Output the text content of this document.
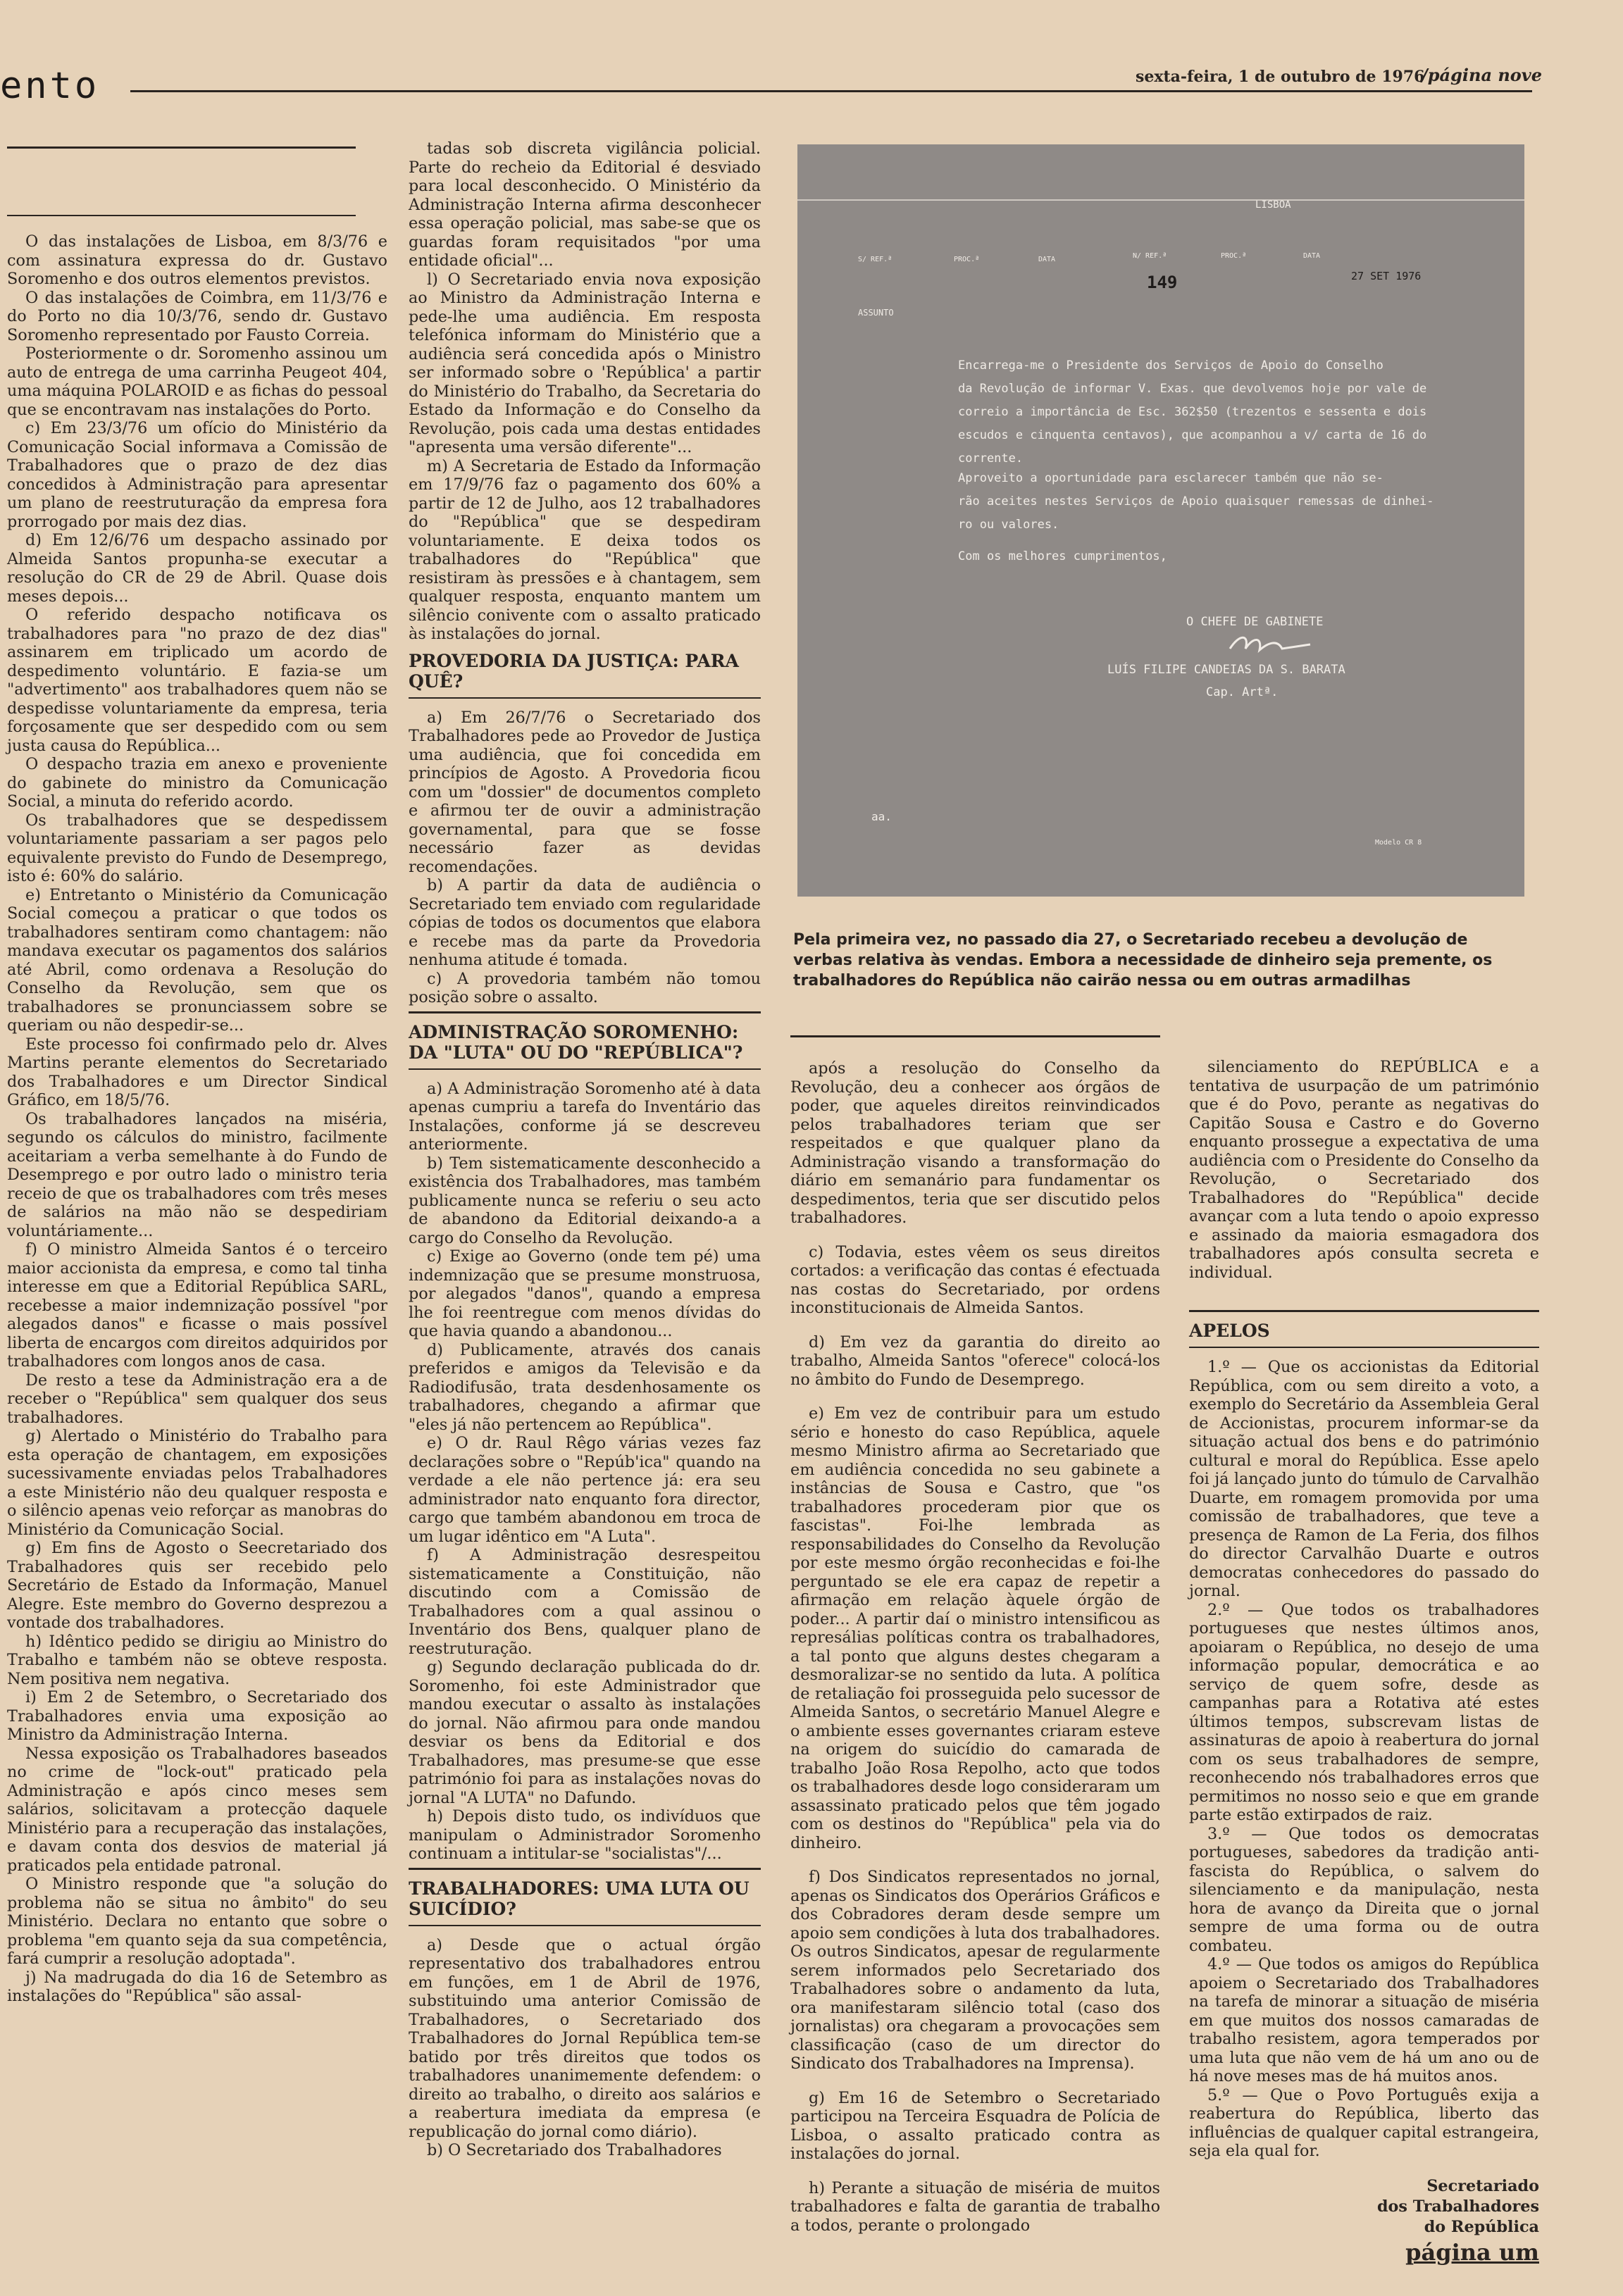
ento	sexta-feira, 1 de outubro de 1976
/página nove

O das instalações de Lisboa, em 8/3/76 e com assinatura expressa do dr. Gustavo Soromenho e dos outros elementos previstos.

O das instalações de Coimbra, em 11/3/76 e do Porto no dia 10/3/76, sendo dr. Gustavo Soromenho representado por Fausto Correia.

Posteriormente o dr. Soromenho assinou um auto de entrega de uma carrinha Peugeot 404, uma máquina POLAROID e as fichas do pessoal que se encontravam nas instalações do Porto.

c) Em 23/3/76 um ofício do Ministério da Comunicação Social informava a Comissão de Trabalhadores que o prazo de dez dias concedidos à Administração para apresentar um plano de reestruturação da empresa fora prorrogado por mais dez dias.

d) Em 12/6/76 um despacho assinado por Almeida Santos propunha-se executar a resolução do CR de 29 de Abril. Quase dois meses depois...

O referido despacho notificava os trabalhadores para "no prazo de dez dias" assinarem em triplicado um acordo de despedimento voluntário. E fazia-se um "advertimento" aos trabalhadores quem não se despedisse voluntariamente da empresa, teria forçosamente que ser despedido com ou sem justa causa do República...

O despacho trazia em anexo e proveniente do gabinete do ministro da Comunicação Social, a minuta do referido acordo.

Os trabalhadores que se despedissem voluntariamente passariam a ser pagos pelo equivalente previsto do Fundo de Desemprego, isto é: 60% do salário.

e) Entretanto o Ministério da Comunicação Social começou a praticar o que todos os trabalhadores sentiram como chantagem: não mandava executar os pagamentos dos salários até Abril, como ordenava a Resolução do Conselho da Revolução, sem que os trabalhadores se pronunciassem sobre se queriam ou não despedir-se...

Este processo foi confirmado pelo dr. Alves Martins perante elementos do Secretariado dos Trabalhadores e um Director Sindical Gráfico, em 18/5/76.

Os trabalhadores lançados na miséria, segundo os cálculos do ministro, facilmente aceitariam a verba semelhante à do Fundo de Desemprego e por outro lado o ministro teria receio de que os trabalhadores com três meses de salários na mão não se despediriam voluntáriamente...

f) O ministro Almeida Santos é o terceiro maior accionista da empresa, e como tal tinha interesse em que a Editorial República SARL, recebesse a maior indemnização possível "por alegados danos" e ficasse o mais possível liberta de encargos com direitos adquiridos por trabalhadores com longos anos de casa.

De resto a tese da Administração era a de receber o "República" sem qualquer dos seus trabalhadores.

g) Alertado o Ministério do Trabalho para esta operação de chantagem, em exposições sucessivamente enviadas pelos Trabalhadores a este Ministério não deu qualquer resposta e o silêncio apenas veio reforçar as manobras do Ministério da Comunicação Social.

g) Em fins de Agosto o Seecretariado dos Trabalhadores quis ser recebido pelo Secretário de Estado da Informação, Manuel Alegre. Este membro do Governo desprezou a vontade dos trabalhadores.

h) Idêntico pedido se dirigiu ao Ministro do Trabalho e também não se obteve resposta. Nem positiva nem negativa.

i) Em 2 de Setembro, o Secretariado dos Trabalhadores envia uma exposição ao Ministro da Administração Interna.

Nessa exposição os Trabalhadores baseados no crime de "lock-out" praticado pela Administração e após cinco meses sem salários, solicitavam a protecção daquele Ministério para a recuperação das instalações, e davam conta dos desvios de material já praticados pela entidade patronal.

O Ministro responde que "a solução do problema não se situa no âmbito" do seu Ministério. Declara no entanto que sobre o problema "em quanto seja da sua competência, fará cumprir a resolução adoptada".

j) Na madrugada do dia 16 de Setembro as instalações do "República" são assal-

tadas sob discreta vigilância policial. Parte do recheio da Editorial é desviado para local desconhecido. O Ministério da Administração Interna afirma desconhecer essa operação policial, mas sabe-se que os guardas foram requisitados "por uma entidade oficial"...

l) O Secretariado envia nova exposição ao Ministro da Administração Interna e pede-lhe uma audiência. Em resposta telefónica informam do Ministério que a audiência será concedida após o Ministro ser informado sobre o 'República' a partir do Ministério do Trabalho, da Secretaria do Estado da Informação e do Conselho da Revolução, pois cada uma destas entidades "apresenta uma versão diferente"...

m) A Secretaria de Estado da Informação em 17/9/76 faz o pagamento dos 60% a partir de 12 de Julho, aos 12 trabalhadores do "República" que se despediram voluntariamente. E deixa todos os trabalhadores do "República" que resistiram às pressões e à chantagem, sem qualquer resposta, enquanto mantem um silêncio conivente com o assalto praticado às instalações do jornal.

PROVEDORIA DA JUSTIÇA: PARA QUÊ?

a) Em 26/7/76 o Secretariado dos Trabalhadores pede ao Provedor de Justiça uma audiência, que foi concedida em princípios de Agosto. A Provedoria ficou com um "dossier" de documentos completo e afirmou ter de ouvir a administração governamental, para que se fosse necessário fazer as devidas recomendações.

b) A partir da data de audiência o Secretariado tem enviado com regularidade cópias de todos os documentos que elabora e recebe mas da parte da Provedoria nenhuma atitude é tomada.

c) A provedoria também não tomou posição sobre o assalto.

ADMINISTRAÇÃO SOROMENHO: DA "LUTA" OU DO "REPÚBLICA"?

a) A Administração Soromenho até à data apenas cumpriu a tarefa do Inventário das Instalações, conforme já se descreveu anteriormente.

b) Tem sistematicamente desconhecido a existência dos Trabalhadores, mas também publicamente nunca se referiu o seu acto de abandono da Editorial deixando-a a cargo do Conselho da Revolução.

c) Exige ao Governo (onde tem pé) uma indemnização que se presume monstruosa, por alegados "danos", quando a empresa lhe foi reentregue com menos dívidas do que havia quando a abandonou...

d) Publicamente, através dos canais preferidos e amigos da Televisão e da Radiodifusão, trata desdenhosamente os trabalhadores, chegando a afirmar que "eles já não pertencem ao República".

e) O dr. Raul Rêgo várias vezes faz declarações sobre o "Repúb'ica" quando na verdade a ele não pertence já: era seu administrador nato enquanto fora director, cargo que também abandonou em troca de um lugar idêntico em "A Luta".

f) A Administração desrespeitou sistematicamente a Constituição, não discutindo com a Comissão de Trabalhadores com a qual assinou o Inventário dos Bens, qualquer plano de reestruturação.

g) Segundo declaração publicada do dr. Soromenho, foi este Administrador que mandou executar o assalto às instalações do jornal. Não afirmou para onde mandou desviar os bens da Editorial e dos Trabalhadores, mas presume-se que esse património foi para as instalações novas do jornal "A LUTA" no Dafundo.

h) Depois disto tudo, os indivíduos que manipulam o Administrador Soromenho continuam a intitular-se "socialistas"/...

TRABALHADORES: UMA LUTA OU SUICÍDIO?

a) Desde que o actual órgão representativo dos trabalhadores entrou em funções, em 1 de Abril de 1976, substituindo uma anterior Comissão de Trabalhadores, o Secretariado dos Trabalhadores do Jornal República tem-se batido por três direitos que todos os trabalhadores unanimemente defendem: o direito ao trabalho, o direito aos salários e a reabertura imediata da empresa (e republicação do jornal como diário).

b) O Secretariado dos Trabalhadores

LISBOA
S/ REF.ª	PROC.ª	DATA	N/ REF.ª	PROC.ª	DATA
149	27 SET 1976
ASSUNTO
Encarrega-me o Presidente dos Serviços de Apoio do Conselho
da Revolução de informar V. Exas. que devolvemos hoje por vale de
correio a importância de Esc. 362$50 (trezentos e sessenta e dois
escudos e cinquenta centavos), que acompanhou a v/ carta de 16 do
corrente.
Aproveito a oportunidade para esclarecer também que não se-
rão aceites nestes Serviços de Apoio quaisquer remessas de dinhei-
ro ou valores.
Com os melhores cumprimentos,
O CHEFE DE GABINETE
LUÍS FILIPE CANDEIAS DA S. BARATA
Cap. Artª.
aa.
Modelo CR 8
Pela primeira vez, no passado dia 27, o Secretariado recebeu a devolução de verbas relativa às vendas. Embora a necessidade de dinheiro seja premente, os trabalhadores do República não cairão nessa ou em outras armadilhas

após a resolução do Conselho da Revolução, deu a conhecer aos órgãos de poder, que aqueles direitos reinvindicados pelos trabalhadores teriam que ser respeitados e que qualquer plano da Administração visando a transformação do diário em semanário para fundamentar os despedimentos, teria que ser discutido pelos trabalhadores.

c) Todavia, estes vêem os seus direitos cortados: a verificação das contas é efectuada nas costas do Secretariado, por ordens inconstitucionais de Almeida Santos.

d) Em vez da garantia do direito ao trabalho, Almeida Santos "oferece" colocá-los no âmbito do Fundo de Desemprego.

e) Em vez de contribuir para um estudo sério e honesto do caso República, aquele mesmo Ministro afirma ao Secretariado que em audiência concedida no seu gabinete a instâncias de Sousa e Castro, que "os trabalhadores procederam pior que os fascistas". Foi-lhe lembrada as responsabilidades do Conselho da Revolução por este mesmo órgão reconhecidas e foi-lhe perguntado se ele era capaz de repetir a afirmação em relação àquele órgão de poder... A partir daí o ministro intensificou as represálias políticas contra os trabalhadores, a tal ponto que alguns destes chegaram a desmoralizar-se no sentido da luta. A política de retaliação foi prosseguida pelo sucessor de Almeida Santos, o secretário Manuel Alegre e o ambiente esses governantes criaram esteve na origem do suicídio do camarada de trabalho João Rosa Repolho, acto que todos os trabalhadores desde logo consideraram um assassinato praticado pelos que têm jogado com os destinos do "República" pela via do dinheiro.

f) Dos Sindicatos representados no jornal, apenas os Sindicatos dos Operários Gráficos e dos Cobradores deram desde sempre um apoio sem condições à luta dos trabalhadores. Os outros Sindicatos, apesar de regularmente serem informados pelo Secretariado dos Trabalhadores sobre o andamento da luta, ora manifestaram silêncio total (caso dos jornalistas) ora chegaram a provocações sem classificação (caso de um director do Sindicato dos Trabalhadores na Imprensa).

g) Em 16 de Setembro o Secretariado participou na Terceira Esquadra de Polícia de Lisboa, o assalto praticado contra as instalações do jornal.

h) Perante a situação de miséria de muitos trabalhadores e falta de garantia de trabalho a todos, perante o prolongado

silenciamento do REPÚBLICA e a tentativa de usurpação de um património que é do Povo, perante as negativas do Capitão Sousa e Castro e do Governo enquanto prossegue a expectativa de uma audiência com o Presidente do Conselho da Revolução, o Secretariado dos Trabalhadores do "República" decide avançar com a luta tendo o apoio expresso e assinado da maioria esmagadora dos trabalhadores após consulta secreta e individual.

APELOS

1.º — Que os accionistas da Editorial República, com ou sem direito a voto, a exemplo do Secretário da Assembleia Geral de Accionistas, procurem informar-se da situação actual dos bens e do património cultural e moral do República. Esse apelo foi já lançado junto do túmulo de Carvalhão Duarte, em romagem promovida por uma comissão de trabalhadores, que teve a presença de Ramon de La Feria, dos filhos do director Carvalhão Duarte e outros democratas conhecedores do passado do jornal.

2.º — Que todos os trabalhadores portugueses que nestes últimos anos, apoiaram o República, no desejo de uma informação popular, democrática e ao serviço de quem sofre, desde as campanhas para a Rotativa até estes últimos tempos, subscrevam listas de assinaturas de apoio à reabertura do jornal com os seus trabalhadores de sempre, reconhecendo nós trabalhadores erros que permitimos no nosso seio e que em grande parte estão extirpados de raiz.

3.º — Que todos os democratas portugueses, sabedores da tradição anti-fascista do República, o salvem do silenciamento e da manipulação, nesta hora de avanço da Direita que o jornal sempre de uma forma ou de outra combateu.

4.º — Que todos os amigos do República apoiem o Secretariado dos Trabalhadores na tarefa de minorar a situação de miséria em que muitos dos nossos camaradas de trabalho resistem, agora temperados por uma luta que não vem de há um ano ou de há nove meses mas de há muitos anos.

5.º — Que o Povo Português exija a reabertura do República, liberto das influências de qualquer capital estrangeira, seja ela qual for.

Secretariado
dos Trabalhadores
do República
página um
